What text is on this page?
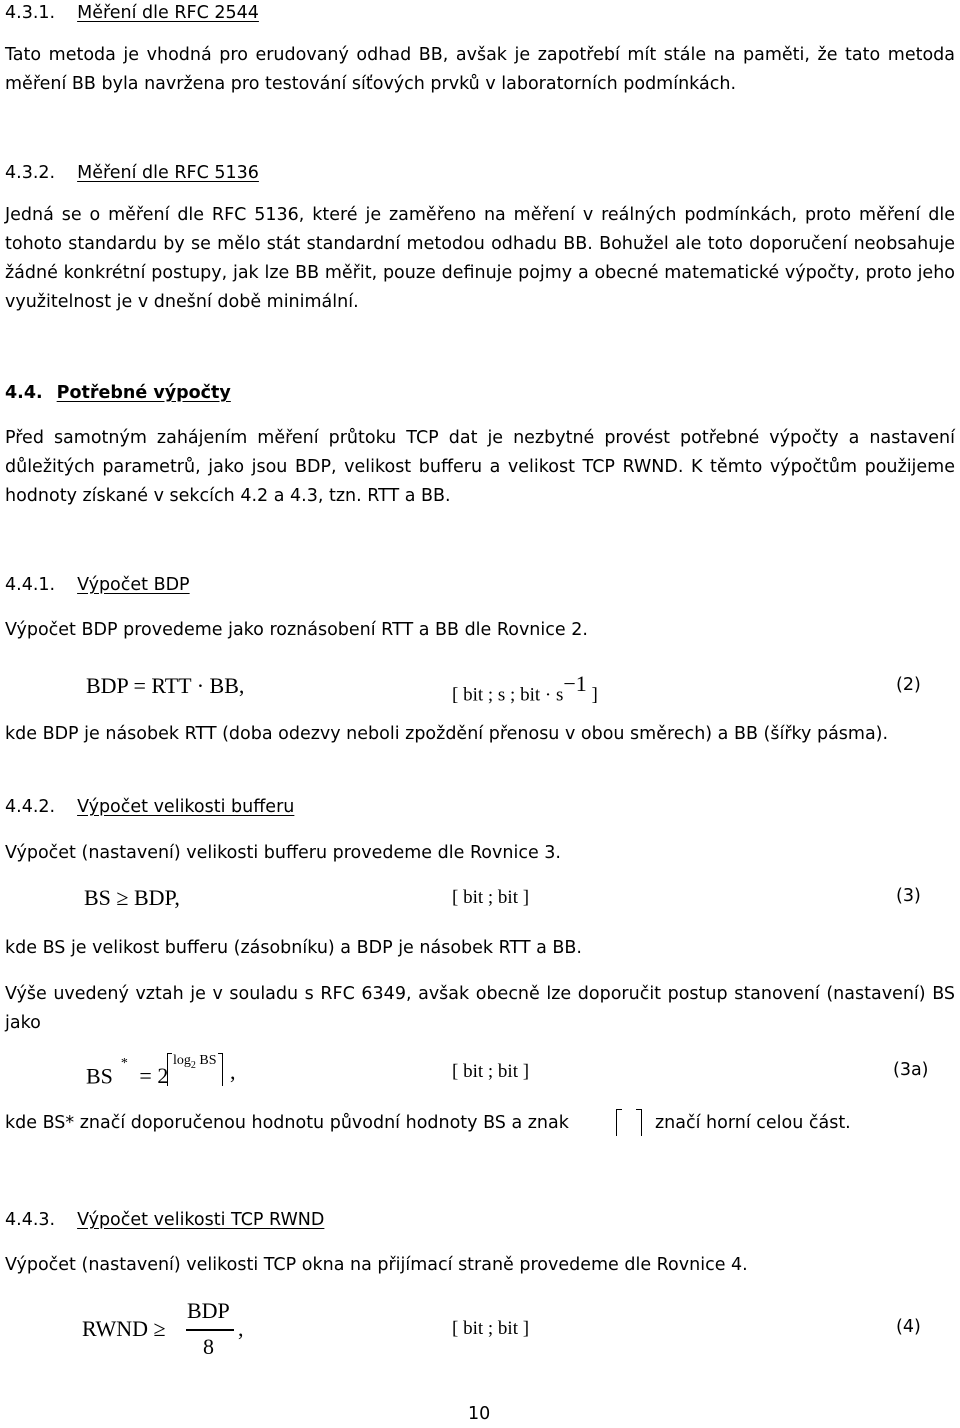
4.3.1. Měření dle RFC 2544
Tato metoda je vhodná pro erudovaný odhad BB, avšak je zapotřebí mít stále na paměti, že tato metoda měření BB byla navržena pro testování síťových prvků v laboratorních podmínkách.
4.3.2. Měření dle RFC 5136
Jedná se o měření dle RFC 5136, které je zaměřeno na měření v reálných podmínkách, proto měření dle tohoto standardu by se mělo stát standardní metodou odhadu BB. Bohužel ale toto doporučení neobsahuje žádné konkrétní postupy, jak lze BB měřit, pouze definuje pojmy a obecné matematické výpočty, proto jeho využitelnost je v dnešní době minimální.
4.4. Potřebné výpočty
Před samotným zahájením měření průtoku TCP dat je nezbytné provést potřebné výpočty a nastavení důležitých parametrů, jako jsou BDP, velikost bufferu a velikost TCP RWND. K těmto výpočtům použijeme hodnoty získané v sekcích 4.2 a 4.3, tzn. RTT a BB.
4.4.1. Výpočet BDP
Výpočet BDP provedeme jako roznásobení RTT a BB dle Rovnice 2.
BDP = RTT · BB,	[ bit ; s ; bit · $s^{-1}$ ]	(2)
kde BDP je násobek RTT (doba odezvy neboli zpoždění přenosu v obou směrech) a BB (šířky pásma).
4.4.2. Výpočet velikosti bufferu
Výpočet (nastavení) velikosti bufferu provedeme dle Rovnice 3.
BS ≥ BDP,	[ bit ; bit ]	(3)
kde BS je velikost bufferu (zásobníku) a BDP je násobek RTT a BB.
Výše uvedený vztah je v souladu s RFC 6349, avšak obecně lze doporučit postup stanovení (nastavení) BS jako
BS * = 2
$\log_2$ BS ,	[ bit ; bit ]	(3a)
kde BS* značí doporučenou hodnotu původní hodnoty BS a znak	značí horní celou část.
4.4.3. Výpočet velikosti TCP RWND
Výpočet (nastavení) velikosti TCP okna na přijímací straně provedeme dle Rovnice 4.
RWND ≥
BDP
8
,	[ bit ; bit ]	(4)
10
